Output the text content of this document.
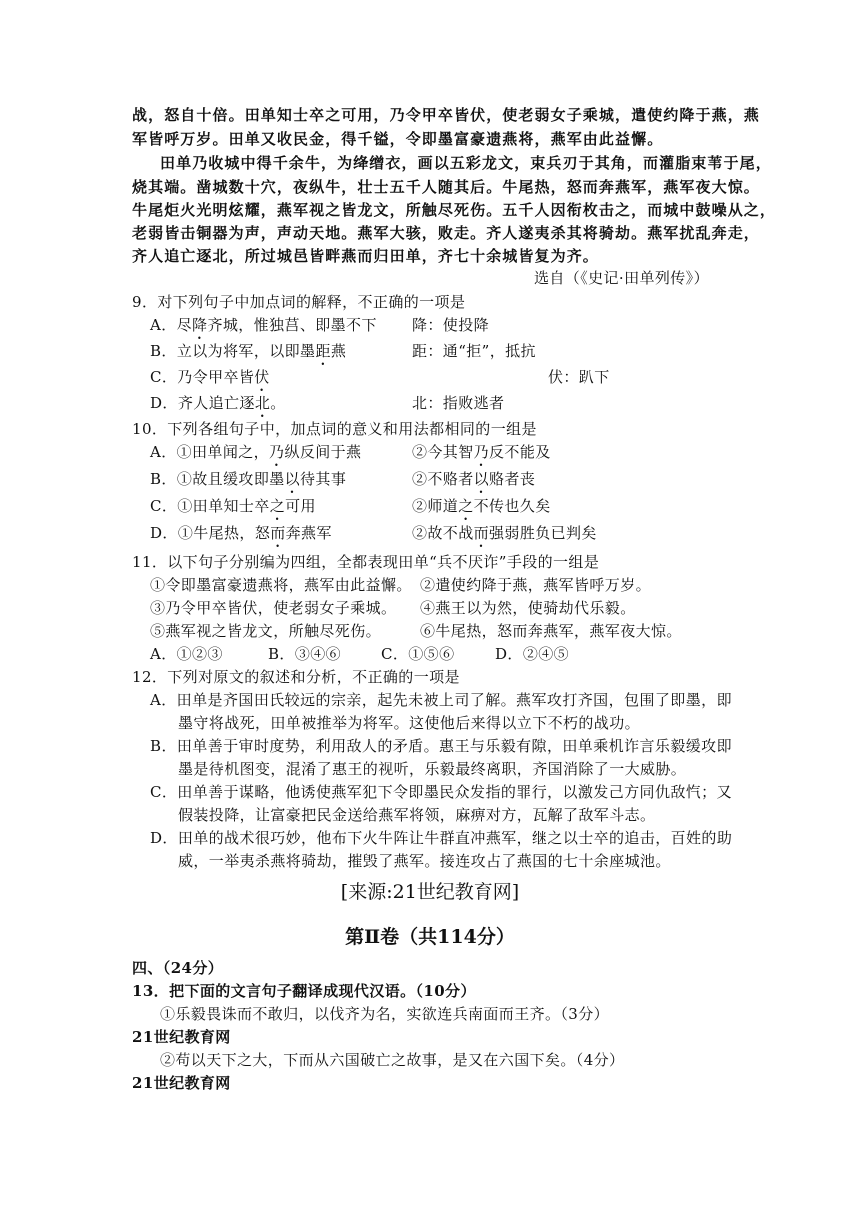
战，怒自十倍。田单知士卒之可用，乃令甲卒皆伏，使老弱女子乘城，遣使约降于燕，燕
军皆呼万岁。田单又收民金，得千镒，令即墨富豪遗燕将，燕军由此益懈。
田单乃收城中得千余牛，为绛缯衣，画以五彩龙文，束兵刃于其角，而灌脂束苇于尾，
烧其端。凿城数十穴，夜纵牛，壮士五千人随其后。牛尾热，怒而奔燕军，燕军夜大惊。
牛尾炬火光明炫耀，燕军视之皆龙文，所触尽死伤。五千人因衔枚击之，而城中鼓噪从之，
老弱皆击铜器为声，声动天地。燕军大骇，败走。齐人遂夷杀其将骑劫。燕军扰乱奔走，
齐人追亡逐北，所过城邑皆畔燕而归田单，齐七十余城皆复为齐。
选自（《史记·田单列传》）
9．对下列句子中加点词的解释，不正确的一项是
A．尽降齐城，惟独莒、即墨不下 降：使投降
B．立以为将军，以即墨距燕	距：通“拒”，抵抗
C．乃令甲卒皆伏	伏：趴下
D．齐人追亡逐北。	北：指败逃者
10．下列各组句子中，加点词的意义和用法都相同的一组是
A．①田单闻之，乃纵反间于燕	②今其智乃反不能及
B．①故且缓攻即墨以待其事	②不赂者以赂者丧
C．①田单知士卒之可用	②师道之不传也久矣
D．①牛尾热，怒而奔燕军	②故不战而强弱胜负已判矣
11．以下句子分别编为四组，全都表现田单“兵不厌诈”手段的一组是
①令即墨富豪遗燕将，燕军由此益懈。 ②遣使约降于燕，燕军皆呼万岁。
③乃令甲卒皆伏，使老弱女子乘城。 ④燕王以为然，使骑劫代乐毅。
⑤燕军视之皆龙文，所触尽死伤。	⑥牛尾热，怒而奔燕军，燕军夜大惊。
A．①②③	B．③④⑥	C．①⑤⑥	D．②④⑤
12．下列对原文的叙述和分析，不正确的一项是
A．田单是齐国田氏较远的宗亲，起先未被上司了解。燕军攻打齐国，包围了即墨，即
墨守将战死，田单被推举为将军。这使他后来得以立下不朽的战功。
B．田单善于审时度势，利用敌人的矛盾。惠王与乐毅有隙，田单乘机诈言乐毅缓攻即
墨是待机图变，混淆了惠王的视听，乐毅最终离职，齐国消除了一大威胁。
C．田单善于谋略，他诱使燕军犯下令即墨民众发指的罪行，以激发己方同仇敌忾；又
假装投降，让富豪把民金送给燕军将领，麻痹对方，瓦解了敌军斗志。
D．田单的战术很巧妙，他布下火牛阵让牛群直冲燕军，继之以士卒的追击，百姓的助
威，一举夷杀燕将骑劫，摧毁了燕军。接连攻占了燕国的七十余座城池。
[来源:21世纪教育网]
第Ⅱ卷（共114分）
四、（24分）
13．把下面的文言句子翻译成现代汉语。（10分）
①乐毅畏诛而不敢归，以伐齐为名，实欲连兵南面而王齐。（3分）
21世纪教育网
②苟以天下之大，下而从六国破亡之故事，是又在六国下矣。（4分）
21世纪教育网
